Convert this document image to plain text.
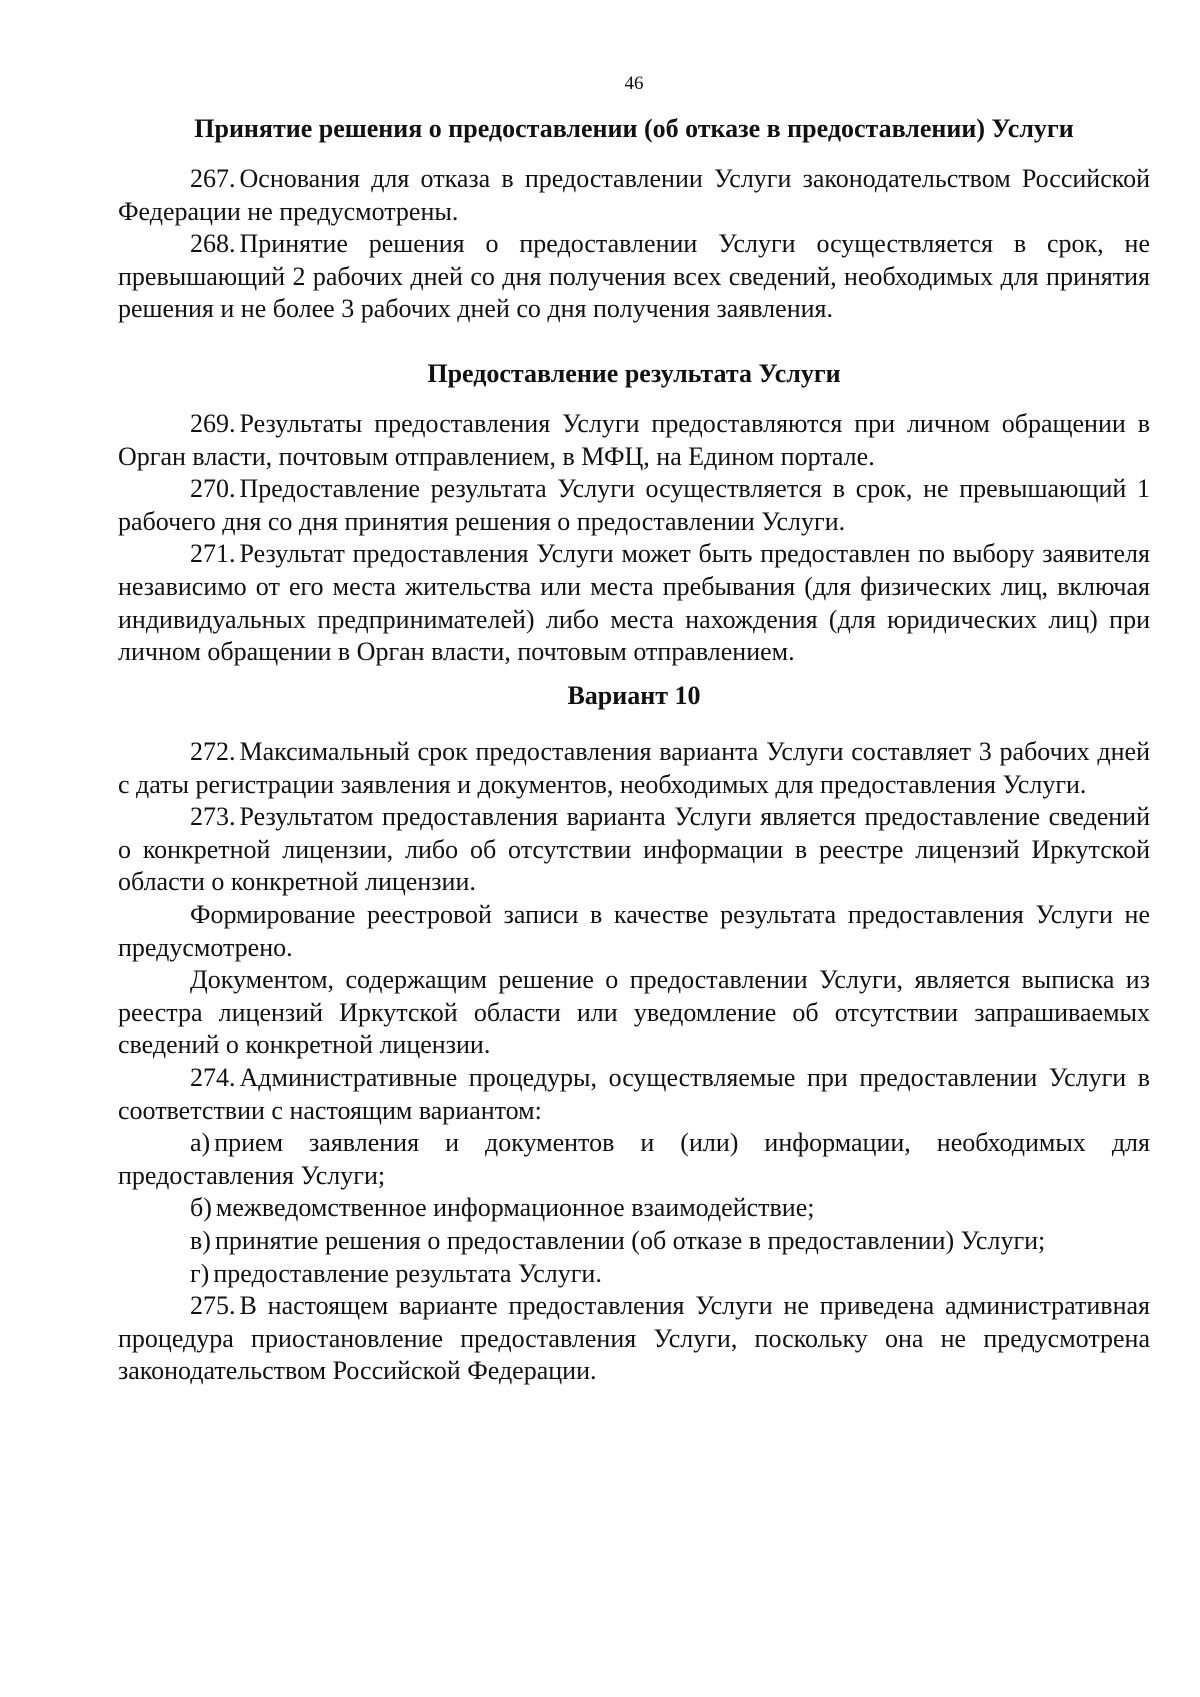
46
Принятие решения о предоставлении (об отказе в предоставлении) Услуги

267. Основания для отказа в предоставлении Услуги законодательством Российской Федерации не предусмотрены.

268. Принятие решения о предоставлении Услуги осуществляется в срок, не превышающий 2 рабочих дней со дня получения всех сведений, необходимых для принятия решения и не более 3 рабочих дней со дня получения заявления.

Предоставление результата Услуги

269. Результаты предоставления Услуги предоставляются при личном обращении в Орган власти, почтовым отправлением, в МФЦ, на Едином портале.

270. Предоставление результата Услуги осуществляется в срок, не превышающий 1 рабочего дня со дня принятия решения о предоставлении Услуги.

271. Результат предоставления Услуги может быть предоставлен по выбору заявителя независимо от его места жительства или места пребывания (для физических лиц, включая индивидуальных предпринимателей) либо места нахождения (для юридических лиц) при личном обращении в Орган власти, почтовым отправлением.

Вариант 10

272. Максимальный срок предоставления варианта Услуги составляет 3 рабочих дней с даты регистрации заявления и документов, необходимых для предоставления Услуги.

273. Результатом предоставления варианта Услуги является предоставление сведений о конкретной лицензии, либо об отсутствии информации в реестре лицензий Иркутской области о конкретной лицензии.

Формирование реестровой записи в качестве результата предоставления Услуги не предусмотрено.

Документом, содержащим решение о предоставлении Услуги, является выписка из реестра лицензий Иркутской области или уведомление об отсутствии запрашиваемых сведений о конкретной лицензии.

274. Административные процедуры, осуществляемые при предоставлении Услуги в соответствии с настоящим вариантом:

а) прием заявления и документов и (или) информации, необходимых для предоставления Услуги;

б) межведомственное информационное взаимодействие;

в) принятие решения о предоставлении (об отказе в предоставлении) Услуги;

г) предоставление результата Услуги.

275. В настоящем варианте предоставления Услуги не приведена административная процедура приостановление предоставления Услуги, поскольку она не предусмотрена законодательством Российской Федерации.
